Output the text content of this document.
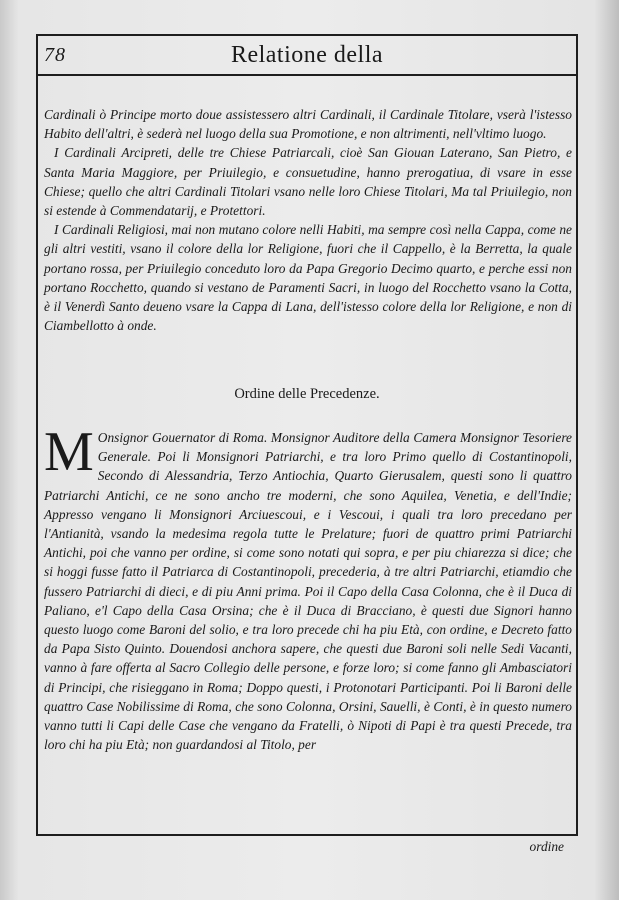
78	Relatione della

Cardinali ò Principe morto doue assistessero altri Cardinali, il Cardinale Titolare, vserà l'istesso Habito dell'altri, è sederà nel luogo della sua Promotione, e non altrimenti, nell'vltimo luogo.

I Cardinali Arcipreti, delle tre Chiese Patriarcali, cioè San Giouan Laterano, San Pietro, e Santa Maria Maggiore, per Priuilegio, e consuetudine, hanno prerogatiua, di vsare in esse Chiese; quello che altri Cardinali Titolari vsano nelle loro Chiese Titolari, Ma tal Priuilegio, non si estende à Commendatarij, e Protettori.

I Cardinali Religiosi, mai non mutano colore nelli Habiti, ma sempre così nella Cappa, come ne gli altri vestiti, vsano il colore della lor Religione, fuori che il Cappello, è la Berretta, la quale portano rossa, per Priuilegio conceduto loro da Papa Gregorio Decimo quarto, e perche essi non portano Rocchetto, quando si vestano de Paramenti Sacri, in luogo del Rocchetto vsano la Cotta, è il Venerdì Santo deueno vsare la Cappa di Lana, dell'istesso colore della lor Religione, e non di Ciambellotto à onde.

Ordine delle Precedenze.
M Onsignor Gouernator di Roma. Monsignor Auditore della Camera Monsignor Tesoriere Generale. Poi li Monsignori Patriarchi, e tra loro Primo quello di Costantinopoli, Secondo di Alessandria, Terzo Antiochia, Quarto Gierusalem, questi sono li quattro Patriarchi Antichi, ce ne sono ancho tre moderni, che sono Aquilea, Venetia, e dell'Indie; Appresso vengano li Monsignori Arciuescoui, e i Vescoui, i quali tra loro precedano per l'Antianità, vsando la medesima regola tutte le Prelature; fuori de quattro primi Patriarchi Antichi, poi che vanno per ordine, si come sono notati qui sopra, e per piu chiarezza si dice; che si hoggi fusse fatto il Patriarca di Costantinopoli, precederia, à tre altri Patriarchi, etiamdio che fussero Patriarchi di dieci, e di piu Anni prima. Poi il Capo della Casa Colonna, che è il Duca di Paliano, e'l Capo della Casa Orsina; che è il Duca di Bracciano, è questi due Signori hanno questo luogo come Baroni del solio, e tra loro precede chi ha piu Età, con ordine, e Decreto fatto da Papa Sisto Quinto. Douendosi anchora sapere, che questi due Baroni soli nelle Sedi Vacanti, vanno à fare offerta al Sacro Collegio delle persone, e forze loro; si come fanno gli Ambasciatori di Principi, che risieggano in Roma; Doppo questi, i Protonotari Participanti. Poi li Baroni delle quattro Case Nobilissime di Roma, che sono Colonna, Orsini, Sauelli, è Conti, è in questo numero vanno tutti li Capi delle Case che vengano da Fratelli, ò Nipoti di Papi è tra questi Precede, tra loro chi ha piu Età; non guardandosi al Titolo, per
ordine
